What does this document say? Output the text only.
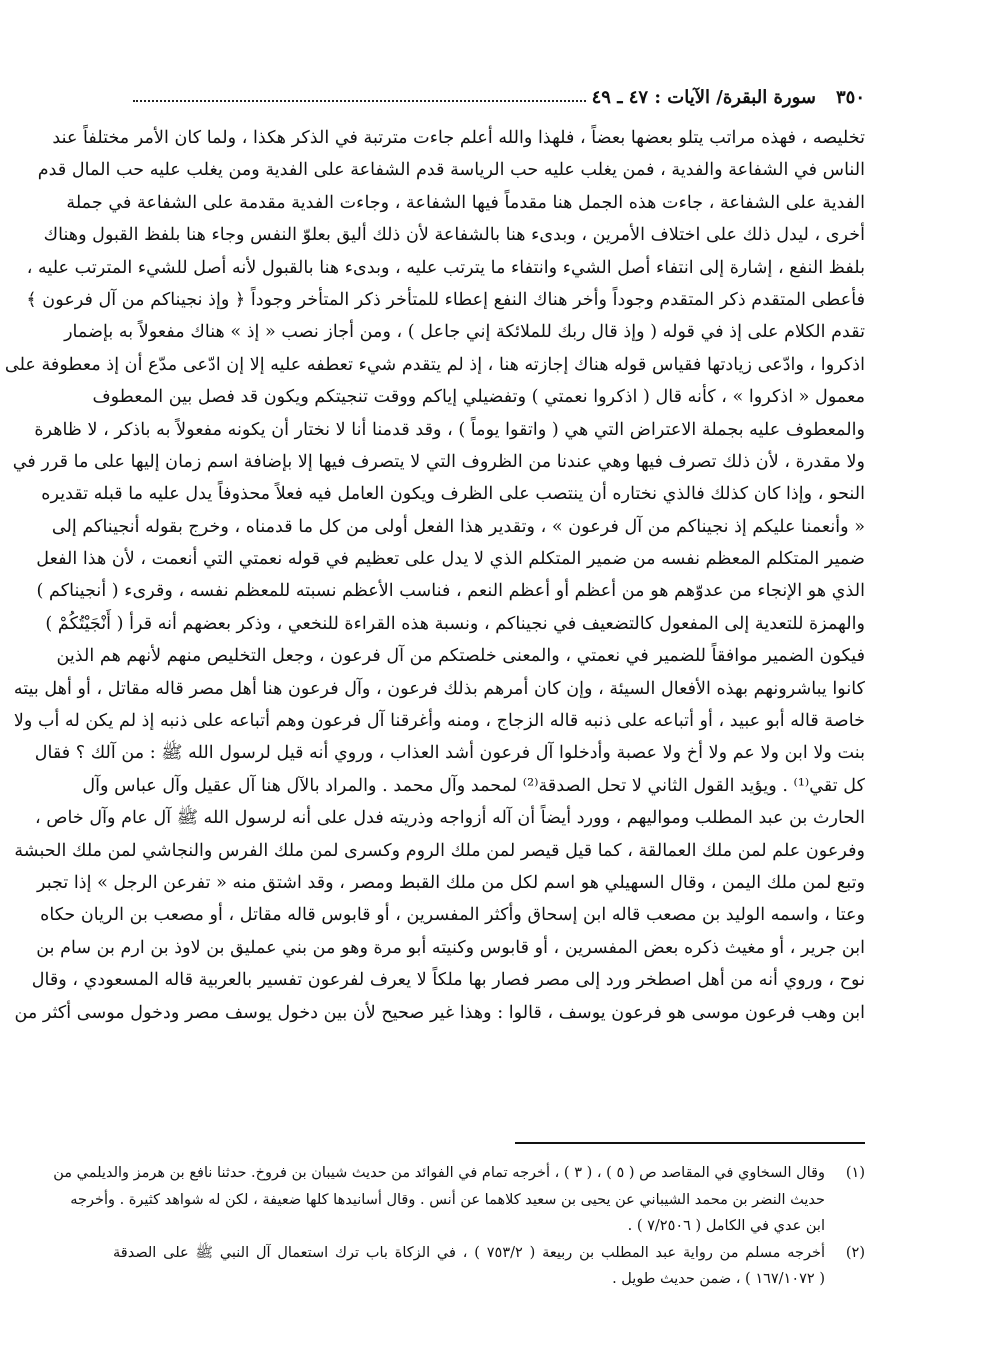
٣٥٠
سورة البقرة/ الآيات : ٤٧ ـ ٤٩
تخليصه ، فهذه مراتب يتلو بعضها بعضاً ، فلهذا والله أعلم جاءت مترتبة في الذكر هكذا ، ولما كان الأمر مختلفاً عند
الناس في الشفاعة والفدية ، فمن يغلب عليه حب الرياسة قدم الشفاعة على الفدية ومن يغلب عليه حب المال قدم
الفدية على الشفاعة ، جاءت هذه الجمل هنا مقدماً فيها الشفاعة ، وجاءت الفدية مقدمة على الشفاعة في جملة
أخرى ، ليدل ذلك على اختلاف الأمرين ، وبدىء هنا بالشفاعة لأن ذلك أليق بعلوّ النفس وجاء هنا بلفظ القبول وهناك
بلفظ النفع ، إشارة إلى انتفاء أصل الشيء وانتفاء ما يترتب عليه ، وبدىء هنا بالقبول لأنه أصل للشيء المترتب عليه ،
فأعطى المتقدم ذكر المتقدم وجوداً وأخر هناك النفع إعطاء للمتأخر ذكر المتأخر وجوداً ﴿ وإذ نجيناكم من آل فرعون ﴾
تقدم الكلام على إذ في قوله ( وإذ قال ربك للملائكة إني جاعل ) ، ومن أجاز نصب « إذ » هناك مفعولاً به بإضمار
اذكروا ، وادّعى زيادتها فقياس قوله هناك إجازته هنا ، إذ لم يتقدم شيء تعطفه عليه إلا إن ادّعى مدّع أن إذ معطوفة على
معمول « اذكروا » ، كأنه قال ( اذكروا نعمتي ) وتفضيلي إياكم ووقت تنجيتكم ويكون قد فصل بين المعطوف
والمعطوف عليه بجملة الاعتراض التي هي ( واتقوا يوماً ) ، وقد قدمنا أنا لا نختار أن يكونه مفعولاً به باذكر ، لا ظاهرة
ولا مقدرة ، لأن ذلك تصرف فيها وهي عندنا من الظروف التي لا يتصرف فيها إلا بإضافة اسم زمان إليها على ما قرر في
النحو ، وإذا كان كذلك فالذي نختاره أن ينتصب على الظرف ويكون العامل فيه فعلاً محذوفاً يدل عليه ما قبله تقديره
« وأنعمنا عليكم إذ نجيناكم من آل فرعون » ، وتقدير هذا الفعل أولى من كل ما قدمناه ، وخرج بقوله أنجيناكم إلى
ضمير المتكلم المعظم نفسه من ضمير المتكلم الذي لا يدل على تعظيم في قوله نعمتي التي أنعمت ، لأن هذا الفعل
الذي هو الإنجاء من عدوّهم هو من أعظم أو أعظم النعم ، فناسب الأعظم نسبته للمعظم نفسه ، وقرىء ( أنجيناكم )
والهمزة للتعدية إلى المفعول كالتضعيف في نجيناكم ، ونسبة هذه القراءة للنخعي ، وذكر بعضهم أنه قرأ ( أَنْجَيْتُكُمْ )
فيكون الضمير موافقاً للضمير في نعمتي ، والمعنى خلصتكم من آل فرعون ، وجعل التخليص منهم لأنهم هم الذين
كانوا يباشرونهم بهذه الأفعال السيئة ، وإن كان أمرهم بذلك فرعون ، وآل فرعون هنا أهل مصر قاله مقاتل ، أو أهل بيته
خاصة قاله أبو عبيد ، أو أتباعه على ذنبه قاله الزجاج ، ومنه وأغرقنا آل فرعون وهم أتباعه على ذنبه إذ لم يكن له أب ولا
بنت ولا ابن ولا عم ولا أخ ولا عصبة وأدخلوا آل فرعون أشد العذاب ، وروي أنه قيل لرسول الله ﷺ : من آلك ؟ فقال
كل تقي⁽¹⁾ . ويؤيد القول الثاني لا تحل الصدقة⁽²⁾ لمحمد وآل محمد . والمراد بالآل هنا آل عقيل وآل عباس وآل
الحارث بن عبد المطلب ومواليهم ، وورد أيضاً أن آله أزواجه وذريته فدل على أنه لرسول الله ﷺ آل عام وآل خاص ،
وفرعون علم لمن ملك العمالقة ، كما قيل قيصر لمن ملك الروم وكسرى لمن ملك الفرس والنجاشي لمن ملك الحبشة
وتبع لمن ملك اليمن ، وقال السهيلي هو اسم لكل من ملك القبط ومصر ، وقد اشتق منه « تفرعن الرجل » إذا تجبر
وعتا ، واسمه الوليد بن مصعب قاله ابن إسحاق وأكثر المفسرين ، أو قابوس قاله مقاتل ، أو مصعب بن الريان حكاه
ابن جرير ، أو مغيث ذكره بعض المفسرين ، أو قابوس وكنيته أبو مرة وهو من بني عمليق بن لاوذ بن ارم بن سام بن
نوح ، وروي أنه من أهل اصطخر ورد إلى مصر فصار بها ملكاً لا يعرف لفرعون تفسير بالعربية قاله المسعودي ، وقال
ابن وهب فرعون موسى هو فرعون يوسف ، قالوا : وهذا غير صحيح لأن بين دخول يوسف مصر ودخول موسى أكثر من
(١)
وقال السخاوي في المقاصد ص ( ٥ ) ، ( ٣ ) ، أخرجه تمام في الفوائد من حديث شيبان بن فروخ. حدثنا نافع بن هرمز والديلمي من
حديث النضر بن محمد الشيباني عن يحيى بن سعيد كلاهما عن أنس . وقال أسانيدها كلها ضعيفة ، لكن له شواهد كثيرة . وأخرجه
ابن عدي في الكامل ( ٧/٢٥٠٦ ) .
(٢)
أخرجه مسلم من رواية عبد المطلب بن ربيعة ( ٧٥٣/٢ ) ، في الزكاة باب ترك استعمال آل النبي ﷺ على الصدقة
( ١٦٧/١٠٧٢ ) ، ضمن حديث طويل .
